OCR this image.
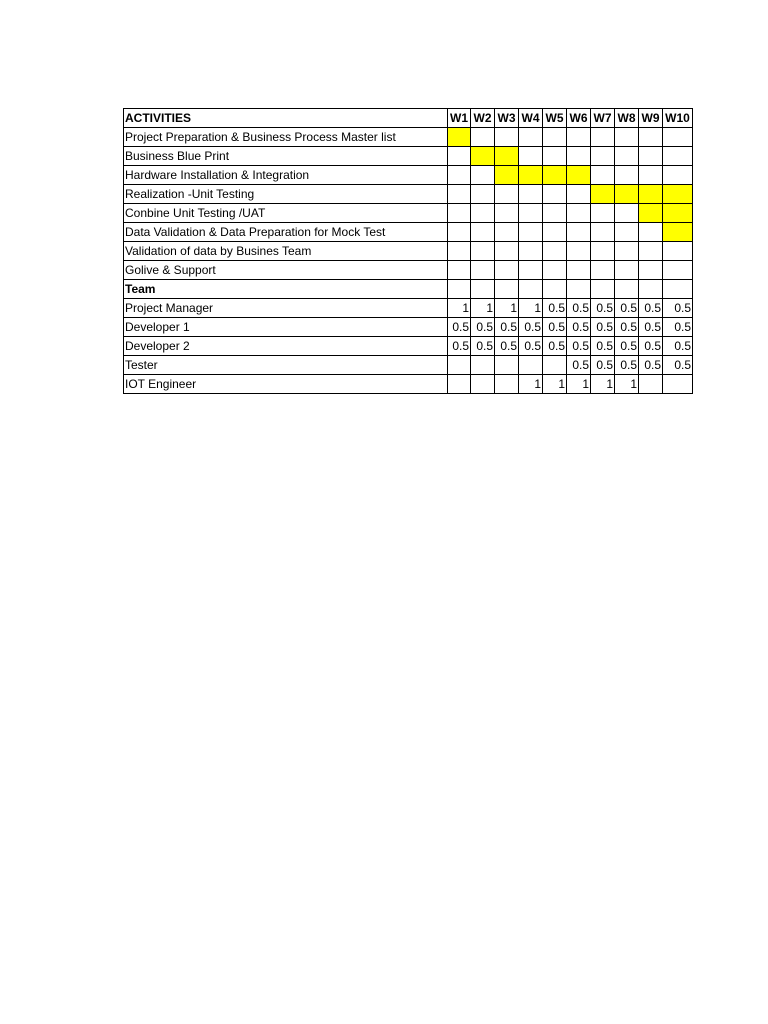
ACTIVITIES	W1	W2	W3	W4	W5	W6	W7	W8	W9	W10
Project Preparation & Business Process Master list										
Business Blue Print										
Hardware Installation & Integration										
Realization -Unit Testing										
Conbine Unit Testing /UAT										
Data Validation & Data Preparation for Mock Test										
Validation of data by Busines Team										
Golive & Support										
Team										
Project Manager	1	1	1	1	0.5	0.5	0.5	0.5	0.5	0.5
Developer 1	0.5	0.5	0.5	0.5	0.5	0.5	0.5	0.5	0.5	0.5
Developer 2	0.5	0.5	0.5	0.5	0.5	0.5	0.5	0.5	0.5	0.5
Tester						0.5	0.5	0.5	0.5	0.5
IOT Engineer				1	1	1	1	1		
